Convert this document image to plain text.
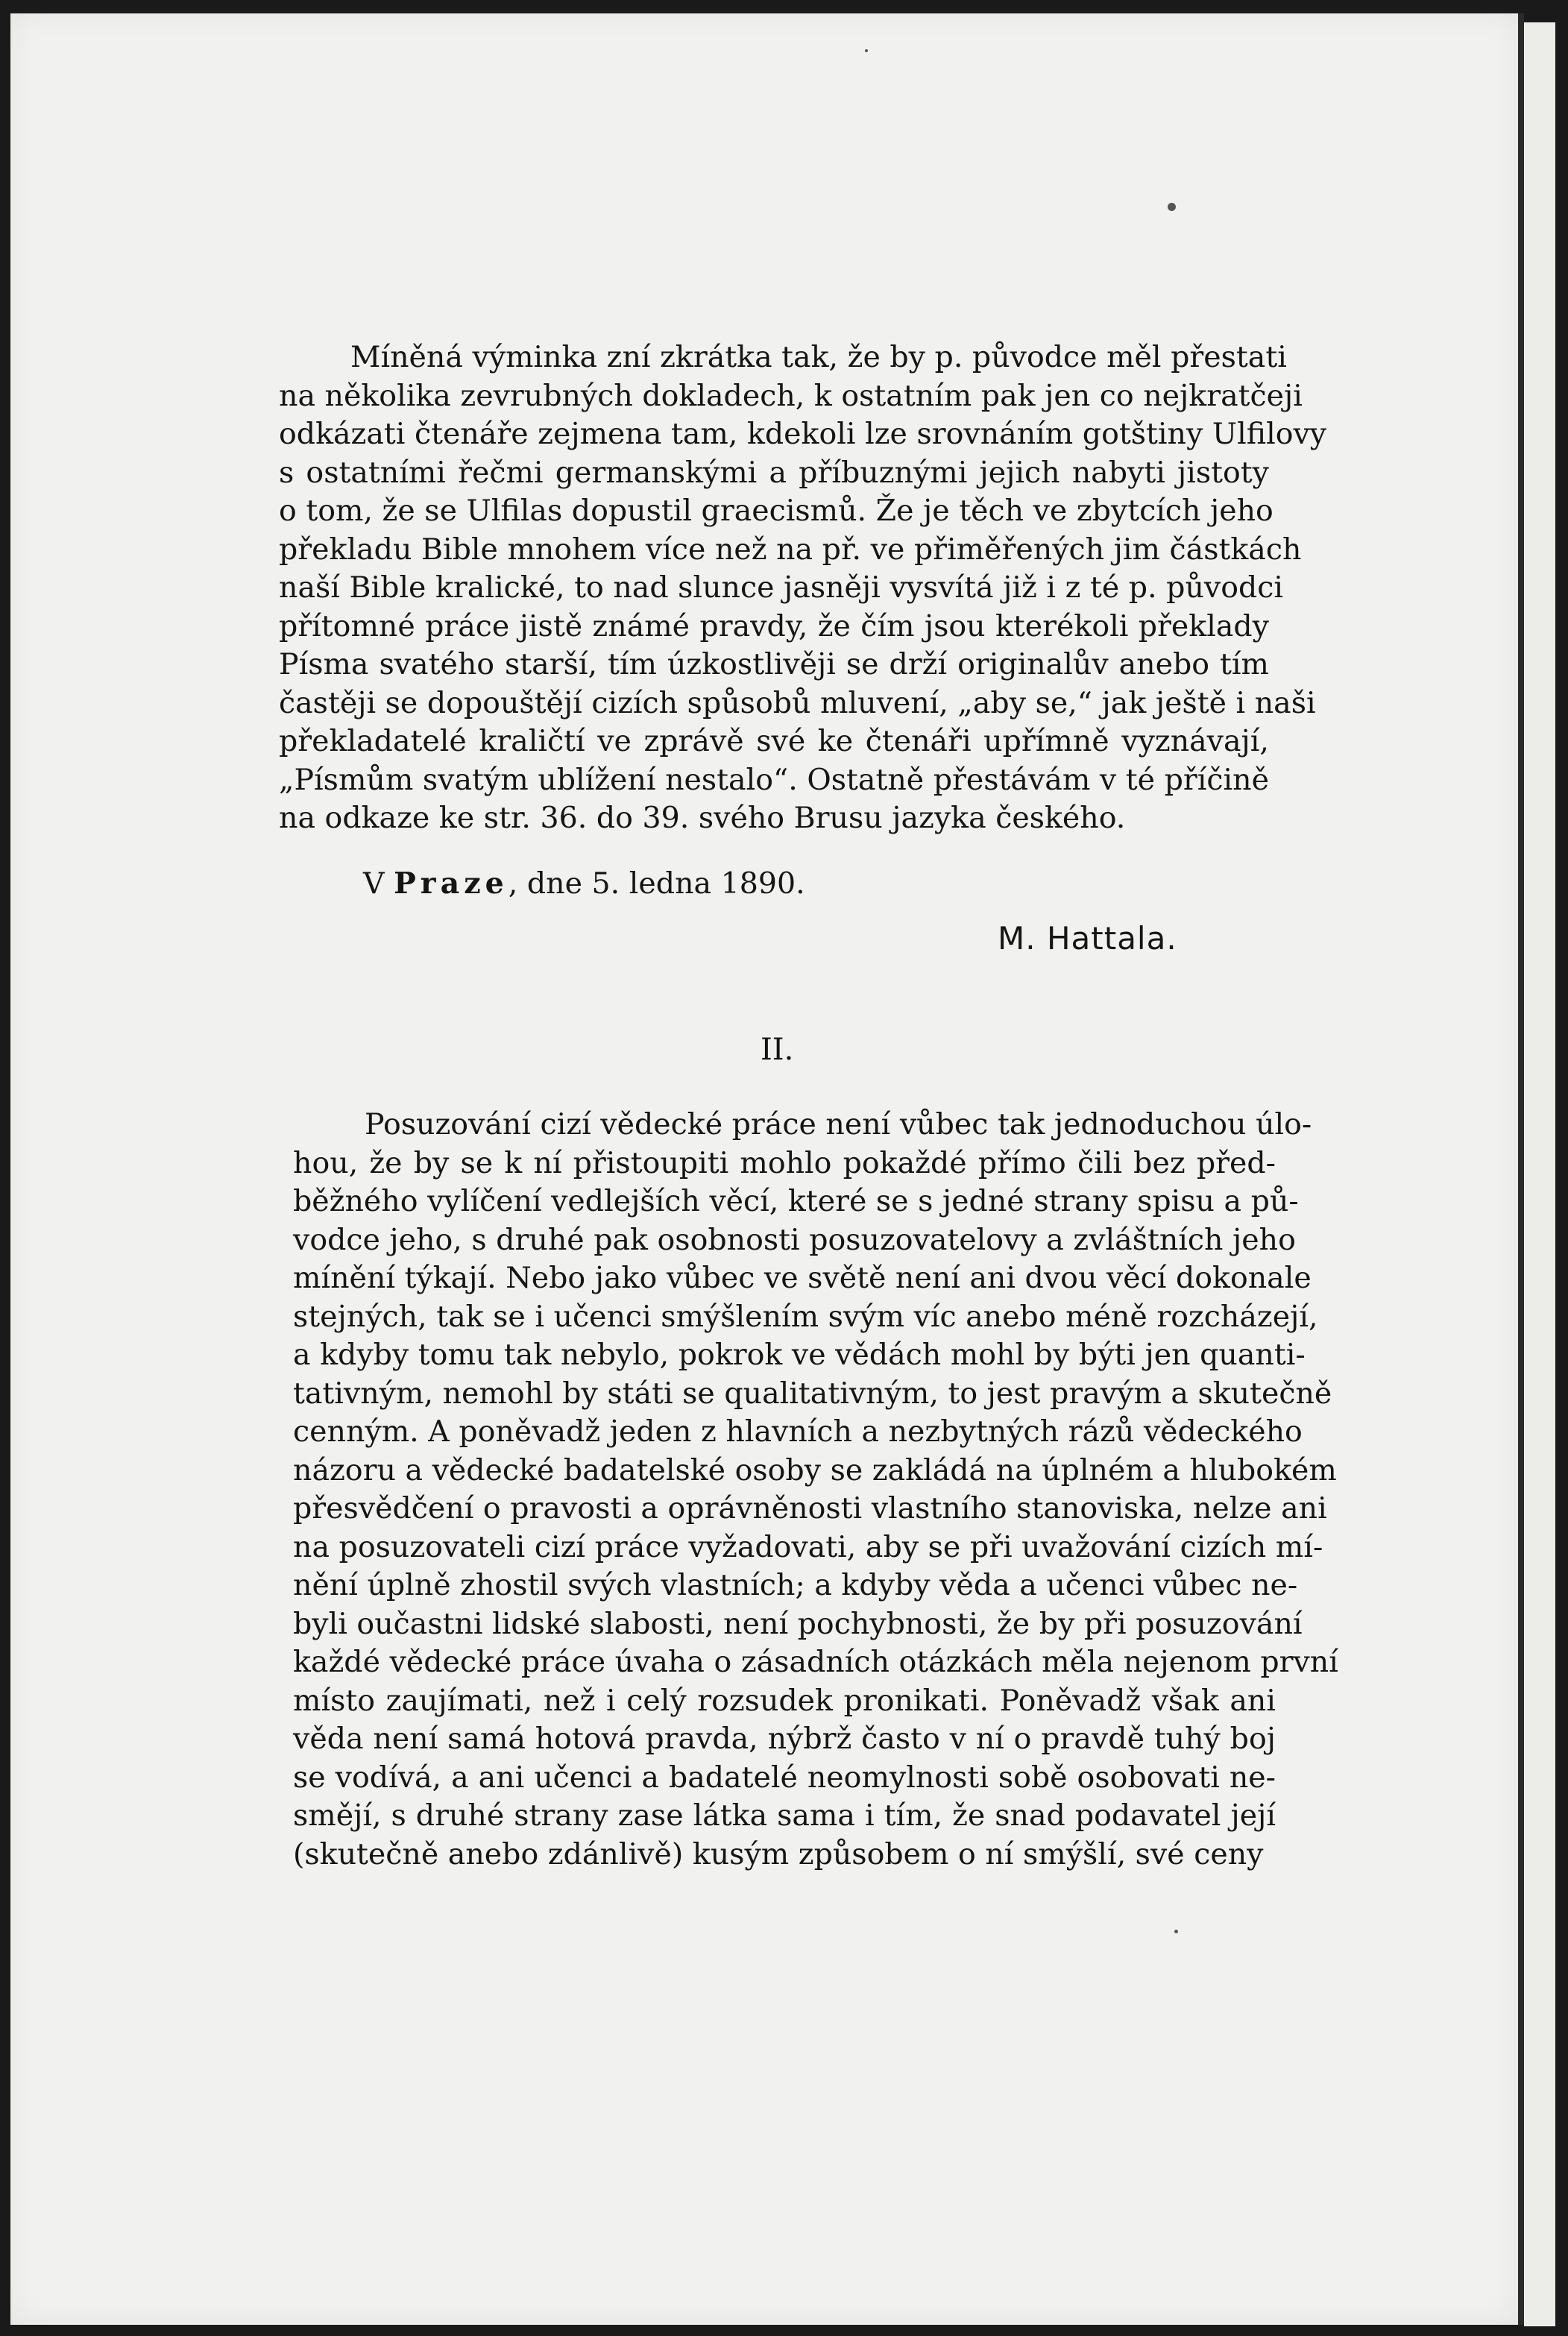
Míněná výminka zní zkrátka tak, že by p. původce měl přestati
na několika zevrubných dokladech, k ostatním pak jen co nejkratčeji
odkázati čtenáře zejmena tam, kdekoli lze srovnáním gotštiny Ulfilovy
s ostatními řečmi germanskými a příbuznými jejich nabyti jistoty
o tom, že se Ulfilas dopustil graecismů. Že je těch ve zbytcích jeho
překladu Bible mnohem více než na př. ve přiměřených jim částkách
naší Bible kralické, to nad slunce jasněji vysvítá již i z té p. původci
přítomné práce jistě známé pravdy, že čím jsou kterékoli překlady
Písma svatého starší, tím úzkostlivěji se drží originalův anebo tím
častěji se dopouštějí cizích spůsobů mluvení, „aby se,“ jak ještě i naši
překladatelé kraličtí ve zprávě své ke čtenáři upřímně vyznávají,
„Písmům svatým ublížení nestalo“. Ostatně přestávám v té příčině
na odkaze ke str. 36. do 39. svého Brusu jazyka českého.
V Praze, dne 5. ledna 1890.
M. Hattala.
II.
Posuzování cizí vědecké práce není vůbec tak jednoduchou úlo-
hou, že by se k ní přistoupiti mohlo pokaždé přímo čili bez před-
běžného vylíčení vedlejších věcí, které se s jedné strany spisu a pů-
vodce jeho, s druhé pak osobnosti posuzovatelovy a zvláštních jeho
mínění týkají. Nebo jako vůbec ve světě není ani dvou věcí dokonale
stejných, tak se i učenci smýšlením svým víc anebo méně rozcházejí,
a kdyby tomu tak nebylo, pokrok ve vědách mohl by býti jen quanti-
tativným, nemohl by státi se qualitativným, to jest pravým a skutečně
cenným. A poněvadž jeden z hlavních a nezbytných rázů vědeckého
názoru a vědecké badatelské osoby se zakládá na úplném a hlubokém
přesvědčení o pravosti a oprávněnosti vlastního stanoviska, nelze ani
na posuzovateli cizí práce vyžadovati, aby se při uvažování cizích mí-
nění úplně zhostil svých vlastních; a kdyby věda a učenci vůbec ne-
byli oučastni lidské slabosti, není pochybnosti, že by při posuzování
každé vědecké práce úvaha o zásadních otázkách měla nejenom první
místo zaujímati, než i celý rozsudek pronikati. Poněvadž však ani
věda není samá hotová pravda, nýbrž často v ní o pravdě tuhý boj
se vodívá, a ani učenci a badatelé neomylnosti sobě osobovati ne-
smějí, s druhé strany zase látka sama i tím, že snad podavatel její
(skutečně anebo zdánlivě) kusým způsobem o ní smýšlí, své ceny
